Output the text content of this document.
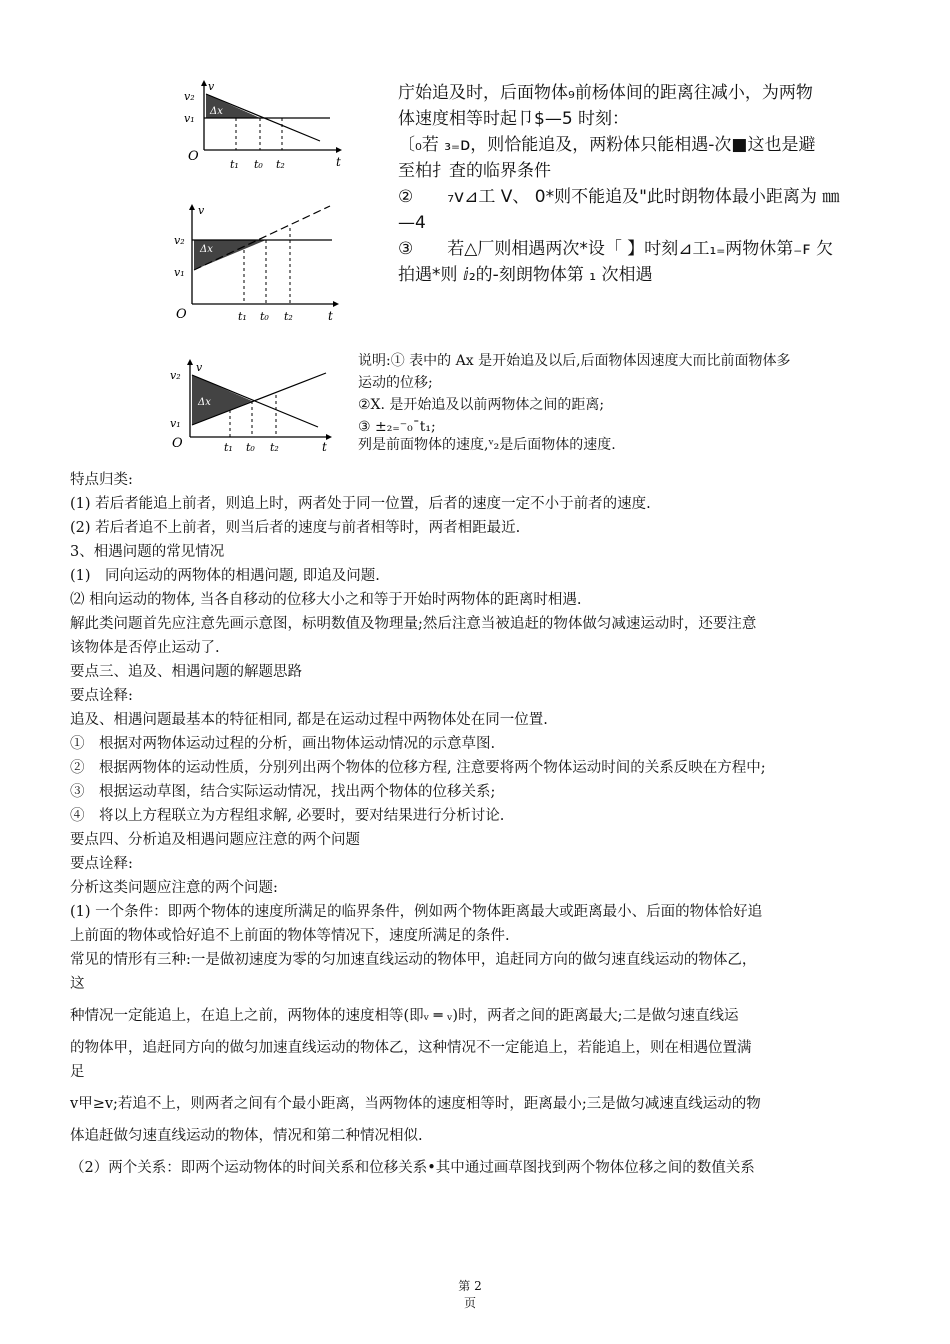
Δx
v
v₂
v₁
O
t₁ t₀ t₂	t
Δx
v
v₂
v₁
O	t₁ t₀ t₂	t
Δx
v
v₂
v₁
O	t₁ t₀ t₂	t
庁始追及时，后面物体₉前杨体间的距离往减小，为两物
体速度相等时起卩$—5 时刻：
〔₀若 ₃₌ᴅ，则恰能追及，两粉体只能相遇-次■这也是避
至柏扌査的临界条件
②　　₇v⊿工 V、 0*则不能追及"此时朗物体最小距离为 ㎜
—4
③　　若△厂则相遇两次*设「 】吋刻⊿工₁₌两物休第₋ꜰ 欠
拍遇*则 ⅈ₂的-刻朗物体第 ₁ 次相遇
说明:① 表中的 Ax 是开始追及以后,后面物体因速度大而比前面物体多
运动的位移;
②X. 是开始追及以前两物体之间的距离;
③ ±₂₌⁻₀¯t₁;
列是前面物体的速度,ᵛ₂是后面物体的速度.

特点归类:

(1) 若后者能追上前者，则追上时，两者处于同一位置，后者的速度一定不小于前者的速度.

(2) 若后者追不上前者，则当后者的速度与前者相等时，两者相距最近.

3、相遇问题的常见情况

(1)　同向运动的两物体的相遇问题, 即追及问题.

⑵ 相向运动的物体, 当各自移动的位移大小之和等于开始时两物体的距离时相遇.

解此类问题首先应注意先画示意图，标明数值及物理量;然后注意当被追赶的物体做匀减速运动时，还要注意

该物体是否停止运动了.

要点三、追及、相遇问题的解题思路

要点诠释:

追及、相遇问题最基本的特征相同, 都是在运动过程中两物体处在同一位置.

①　根据对两物体运动过程的分析，画出物体运动情况的示意草图.

②　根据两物体的运动性质，分别列出两个物体的位移方程, 注意要将两个物体运动时间的关系反映在方程中;

③　根据运动草图，结合实际运动情况，找出两个物体的位移关系;

④　将以上方程联立为方程组求解, 必要时，要对结果进行分析讨论.

要点四、分析追及相遇问题应注意的两个问题

要点诠释:

分析这类问题应注意的两个问题:

(1) 一个条件：即两个物体的速度所满足的临界条件，例如两个物体距离最大或距离最小、后面的物体恰好追

上前面的物体或恰好追不上前面的物体等情况下，速度所满足的条件.

常见的情形有三种:一是做初速度为零的匀加速直线运动的物体甲，追赶同方向的做匀速直线运动的物体乙，

这

种情况一定能追上，在追上之前，两物体的速度相等(即ᵥ ═ ᵥ)时，两者之间的距离最大;二是做匀速直线运

的物体甲，追赶同方向的做匀加速直线运动的物体乙，这种情况不一定能追上，若能追上，则在相遇位置满

足

v甲≥v;若追不上，则两者之间有个最小距离，当两物体的速度相等时，距离最小;三是做匀减速直线运动的物

体追赶做匀速直线运动的物体，情况和第二种情况相似.

（2）两个关系：即两个运动物体的时间关系和位移关系•其中通过画草图找到两个物体位移之间的数值关系

第 2
页
